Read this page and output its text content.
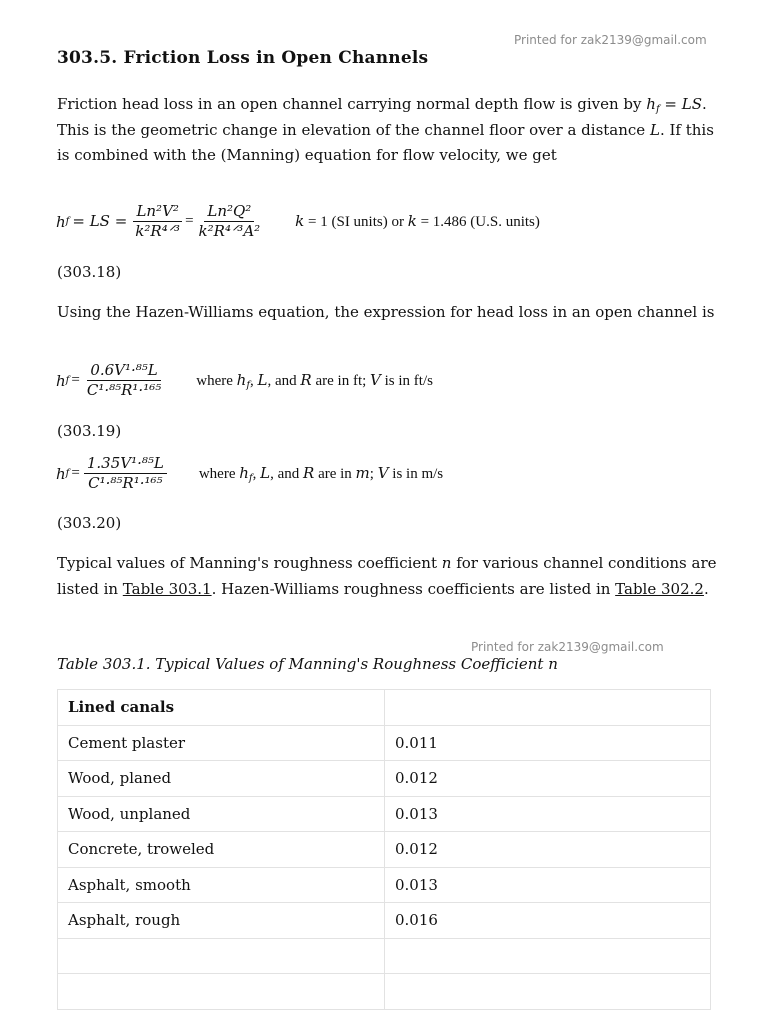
Printed for zak2139@gmail.com
303.5. Friction Loss in Open Channels

Friction head loss in an open channel carrying normal depth flow is given by $h_f$ = LS. This is the geometric change in elevation of the channel floor over a distance L. If this is combined with the (Manning) equation for flow velocity, we get

h f = LS = $\frac{\text{Ln²V²}}{\text{k²R⁴ᐟ³}} = \frac{\text{Ln²Q²}}{\text{k²R⁴ᐟ³A²}}$ k = 1 (SI units) or k = 1.486 (U.S. units)

(303.18)

Using the Hazen-Williams equation, the expression for head loss in an open channel is

h $f = \frac{\text{0.6V¹·⁸⁵L}}{\text{C¹·⁸⁵R¹·¹⁶⁵}}$ where $h_f$, L, and R are in ft; V is in ft/s

(303.19)

h $f = \frac{\text{1.35V¹·⁸⁵L}}{\text{C¹·⁸⁵R¹·¹⁶⁵}}$ where $h_f$, L, and R are in m; V is in m/s

(303.20)

Typical values of Manning's roughness coefficient n for various channel conditions are listed in Table 303.1. Hazen-Williams roughness coefficients are listed in Table 302.2.

Printed for zak2139@gmail.com

Table 303.1. Typical Values of Manning's Roughness Coefficient n

Lined canals	
Cement plaster	0.011
Wood, planed	0.012
Wood, unplaned	0.013
Concrete, troweled	0.012
Asphalt, smooth	0.013
Asphalt, rough	0.016
